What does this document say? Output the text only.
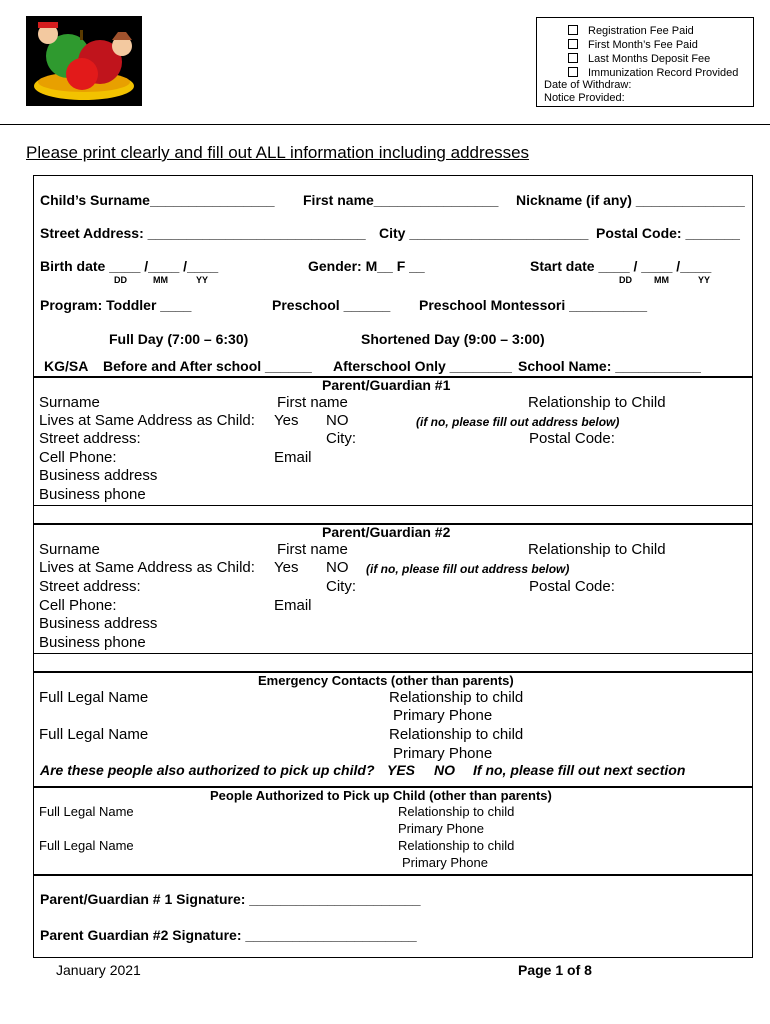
Registration Fee Paid
First Month’s Fee Paid
Last Months Deposit Fee
Immunization Record Provided
Date of Withdraw:
Notice Provided:
Please print clearly and fill out ALL information including addresses
Child’s Surname________________ First name________________ Nickname (if any) ______________
Street Address: ____________________________ City _______________________ Postal Code: _______
Birth date ____ /____ /____
DD	MM	YY
Gender: M__ F __	Start date ____ / ____ /____
DD MM	YY
Program: Toddler ____	Preschool ______ Preschool Montessori __________
Full Day (7:00 – 6:30)	Shortened Day (9:00 – 3:00)
KG/SA Before and After school ______ Afterschool Only ________ School Name: ___________
Parent/Guardian #1
Surname	First name	Relationship to Child
Lives at Same Address as Child: Yes NO	(if no, please fill out address below)
Street address:	City:	Postal Code:
Cell Phone:	Email
Business address
Business phone
Parent/Guardian #2
Surname	First name	Relationship to Child
Lives at Same Address as Child: Yes NO (if no, please fill out address below)
Street address:	City:	Postal Code:
Cell Phone:	Email
Business address
Business phone
Emergency Contacts (other than parents)
Full Legal Name	Relationship to child
Primary Phone
Full Legal Name	Relationship to child
Primary Phone
Are these people also authorized to pick up child? YES NO If no, please fill out next section
People Authorized to Pick up Child (other than parents)
Full Legal Name	Relationship to child
Primary Phone
Full Legal Name	Relationship to child
Primary Phone
Parent/Guardian # 1 Signature: ______________________
Parent Guardian #2 Signature: ______________________
January 2021	Page 1 of 8
